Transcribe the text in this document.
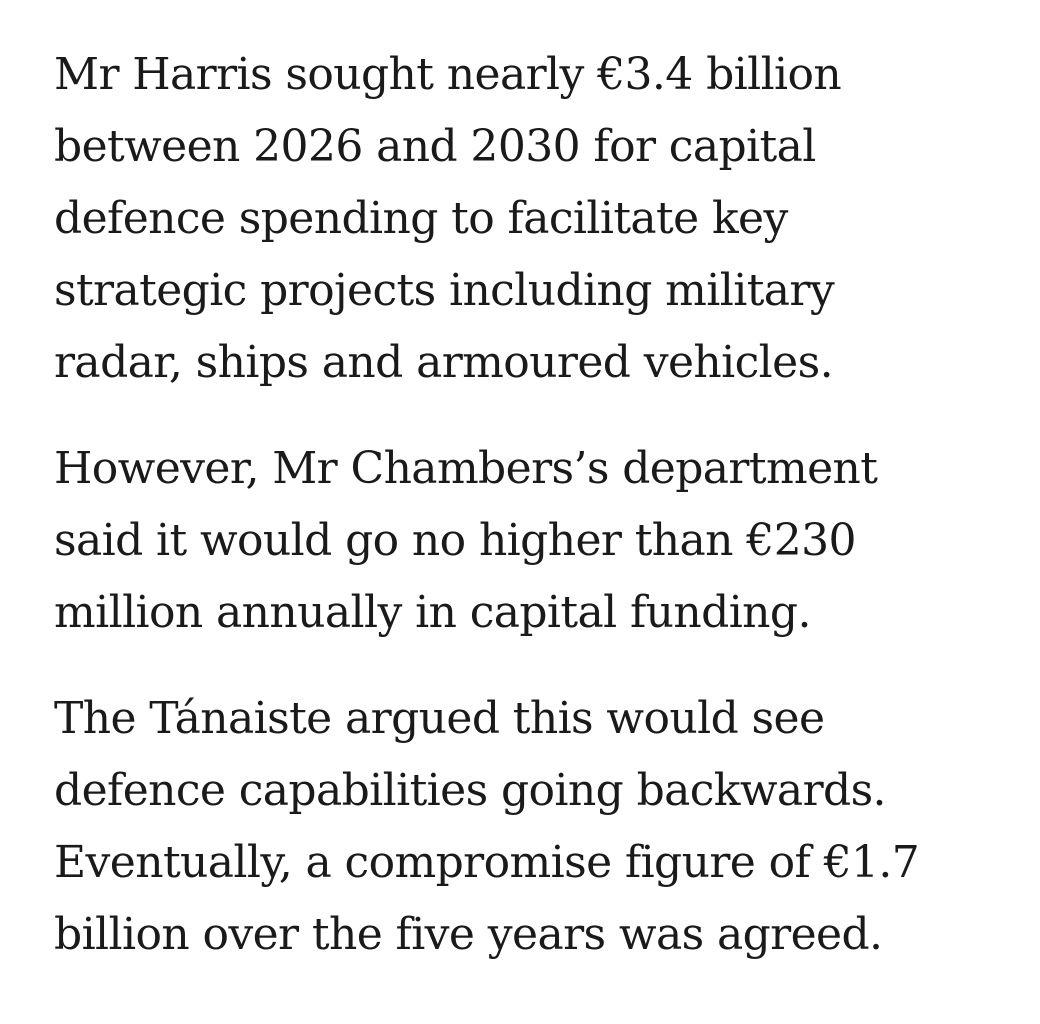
Mr Harris sought nearly €3.4 billion
between 2026 and 2030 for capital
defence spending to facilitate key
strategic projects including military
radar, ships and armoured vehicles.

However, Mr Chambers’s department
said it would go no higher than €230
million annually in capital funding.

The Tánaiste argued this would see
defence capabilities going backwards.
Eventually, a compromise figure of €1.7
billion over the five years was agreed.
